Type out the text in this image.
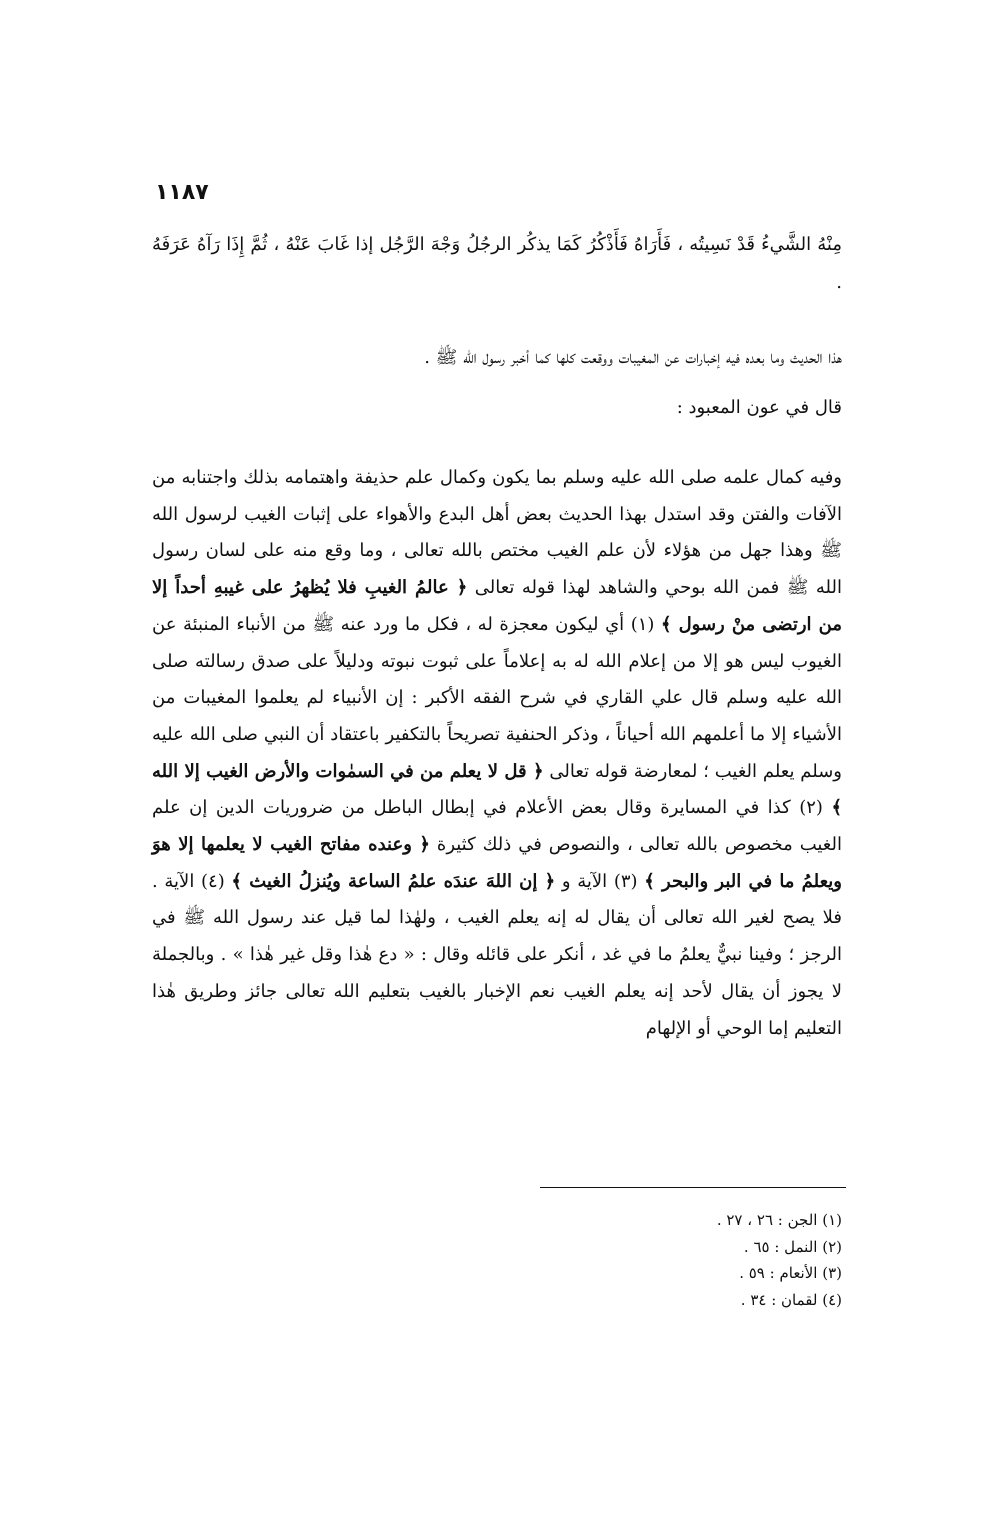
١١٨٧

مِنْهُ الشَّيءُ قَدْ نَسِيتُه ، فَأَرَاهُ فَأَذْكُرُ كَمَا يذكُر الرجُلُ وَجْهَ الرَّجُل إذا غَابَ عَنْهُ ، ثُمَّ إِذَا رَآهُ عَرَفَهُ .

هذا الحديث وما بعده فيه إخبارات عن المغيبات ووقعت كلها كما أخبر رسول الله ﷺ .

قال في عون المعبود :

وفيه كمال علمه صلى الله عليه وسلم بما يكون وكمال علم حذيفة واهتمامه بذلك واجتنابه من الآفات والفتن وقد استدل بهذا الحديث بعض أهل البدع والأهواء على إثبات الغيب لرسول الله ﷺ وهذا جهل من هؤلاء لأن علم الغيب مختص بالله تعالى ، وما وقع منه على لسان رسول الله ﷺ فمن الله بوحي والشاهد لهذا قوله تعالى ﴿ عالمُ الغيبِ فلا يُظهرُ على غيبهِ أحداً إلا من ارتضى منْ رسول ﴾ (١) أي ليكون معجزة له ، فكل ما ورد عنه ﷺ من الأنباء المنبئة عن الغيوب ليس هو إلا من إعلام الله له به إعلاماً على ثبوت نبوته ودليلاً على صدق رسالته صلى الله عليه وسلم قال علي القاري في شرح الفقه الأكبر : إن الأنبياء لم يعلموا المغيبات من الأشياء إلا ما أعلمهم الله أحياناً ، وذكر الحنفية تصريحاً بالتكفير باعتقاد أن النبي صلى الله عليه وسلم يعلم الغيب ؛ لمعارضة قوله تعالى ﴿ قل لا يعلم من في السمٰوات والأرض الغيب إلا الله ﴾ (٢) كذا في المسايرة وقال بعض الأعلام في إبطال الباطل من ضروريات الدين إن علم الغيب مخصوص بالله تعالى ، والنصوص في ذلك كثيرة ﴿ وعنده مفاتح الغيب لا يعلمها إلا هوَ ويعلمُ ما في البر والبحر ﴾ (٣) الآية و ﴿ إن اللهَ عندَه علمُ الساعة ويُنزلُ الغيث ﴾ (٤) الآية . فلا يصح لغير الله تعالى أن يقال له إنه يعلم الغيب ، ولهٰذا لما قيل عند رسول الله ﷺ في الرجز ؛ وفينا نبيٌّ يعلمُ ما في غد ، أنكر على قائله وقال : « دع هٰذا وقل غير هٰذا » . وبالجملة لا يجوز أن يقال لأحد إنه يعلم الغيب نعم الإخبار بالغيب بتعليم الله تعالى جائز وطريق هٰذا التعليم إما الوحي أو الإلهام

(١) الجن : ٢٦ ، ٢٧ .
(٢) النمل : ٦٥ .
(٣) الأنعام : ٥٩ .
(٤) لقمان : ٣٤ .
